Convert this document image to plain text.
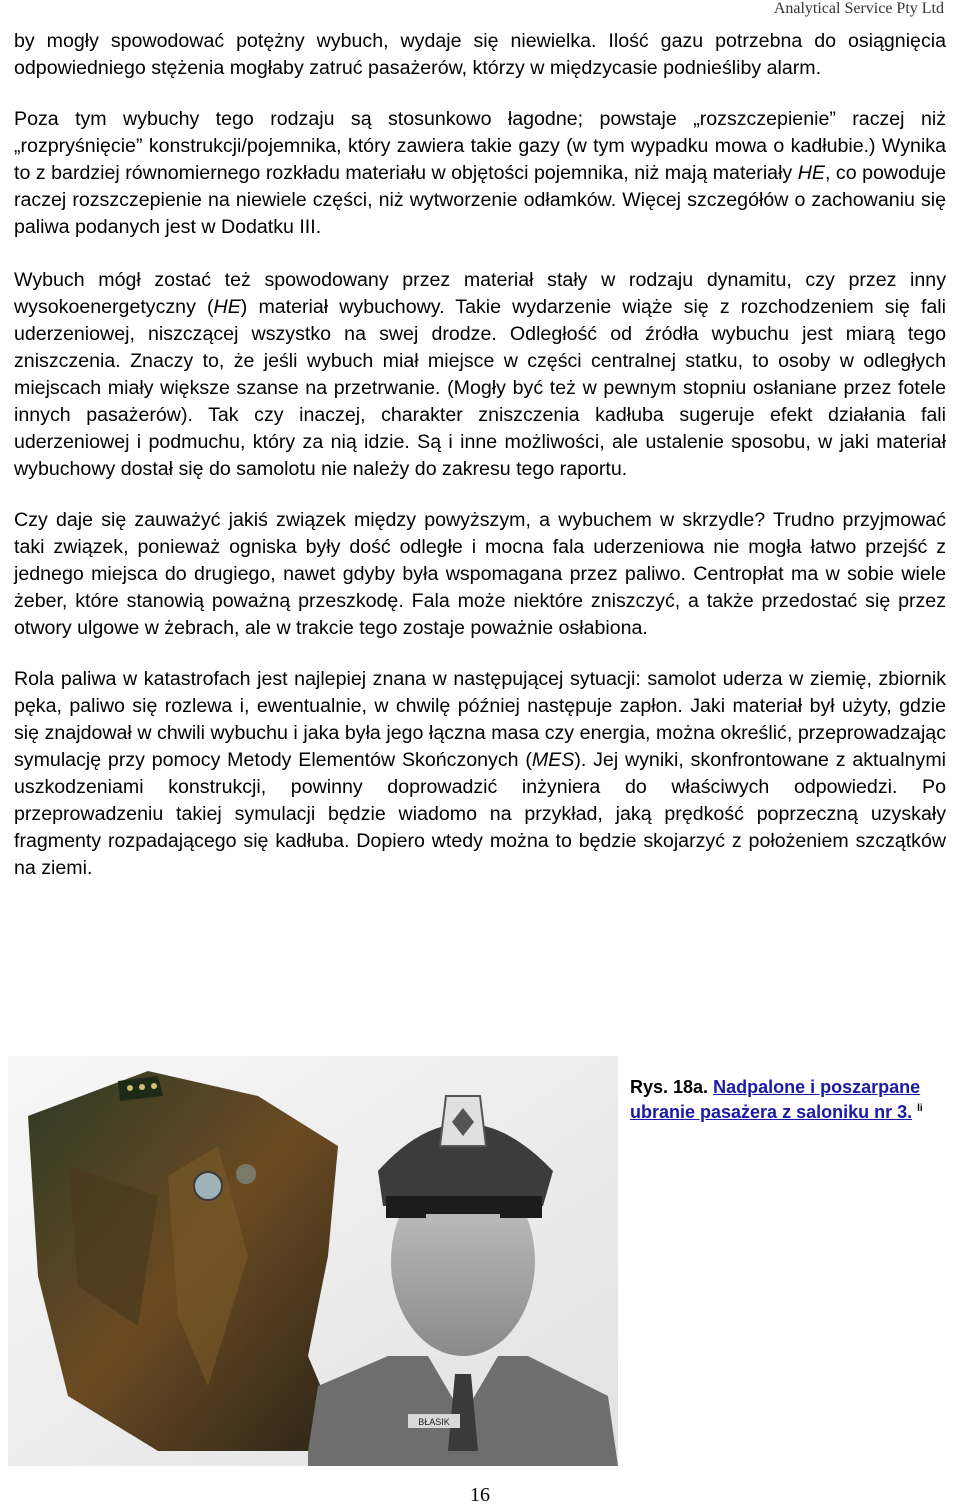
Analytical Service Pty Ltd

by mogły spowodować potężny wybuch, wydaje się niewielka. Ilość gazu potrzebna do osiągnięcia odpowiedniego stężenia mogłaby zatruć pasażerów, którzy w międzycasie podnieśliby alarm.

Poza tym wybuchy tego rodzaju są stosunkowo łagodne; powstaje „rozszczepienie” raczej niż „rozpryśnięcie” konstrukcji/pojemnika, który zawiera takie gazy (w tym wypadku mowa o kadłubie.) Wynika to z bardziej równomiernego rozkładu materiału w objętości pojemnika, niż mają materiały HE, co powoduje raczej rozszczepienie na niewiele części, niż wytworzenie odłamków. Więcej szczegółów o zachowaniu się paliwa podanych jest w Dodatku III.

Wybuch mógł zostać też spowodowany przez materiał stały w rodzaju dynamitu, czy przez inny wysokoenergetyczny (HE) materiał wybuchowy. Takie wydarzenie wiąże się z rozchodzeniem się fali uderzeniowej, niszczącej wszystko na swej drodze. Odległość od źródła wybuchu jest miarą tego zniszczenia. Znaczy to, że jeśli wybuch miał miejsce w części centralnej statku, to osoby w odległych miejscach miały większe szanse na przetrwanie. (Mogły być też w pewnym stopniu osłaniane przez fotele innych pasażerów). Tak czy inaczej, charakter zniszczenia kadłuba sugeruje efekt działania fali uderzeniowej i podmuchu, który za nią idzie. Są i inne możliwości, ale ustalenie sposobu, w jaki materiał wybuchowy dostał się do samolotu nie należy do zakresu tego raportu.

Czy daje się zauważyć jakiś związek między powyższym, a wybuchem w skrzydle? Trudno przyjmować taki związek, ponieważ ogniska były dość odległe i mocna fala uderzeniowa nie mogła łatwo przejść z jednego miejsca do drugiego, nawet gdyby była wspomagana przez paliwo. Centropłat ma w sobie wiele żeber, które stanowią poważną przeszkodę. Fala może niektóre zniszczyć, a także przedostać się przez otwory ulgowe w żebrach, ale w trakcie tego zostaje poważnie osłabiona.

Rola paliwa w katastrofach jest najlepiej znana w następującej sytuacji: samolot uderza w ziemię, zbiornik pęka, paliwo się rozlewa i, ewentualnie, w chwilę później następuje zapłon. Jaki materiał był użyty, gdzie się znajdował w chwili wybuchu i jaka była jego łączna masa czy energia, można określić, przeprowadzając symulację przy pomocy Metody Elementów Skończonych (MES). Jej wyniki, skonfrontowane z aktualnymi uszkodzeniami konstrukcji, powinny doprowadzić inżyniera do właściwych odpowiedzi. Po przeprowadzeniu takiej symulacji będzie wiadomo na przykład, jaką prędkość poprzeczną uzyskały fragmenty rozpadającego się kadłuba. Dopiero wtedy można to będzie skojarzyć z położeniem szczątków na ziemi.

BŁASIK
Rys. 18a. Nadpalone i poszarpane ubranie pasażera z saloniku nr 3. $^{li}$
16
